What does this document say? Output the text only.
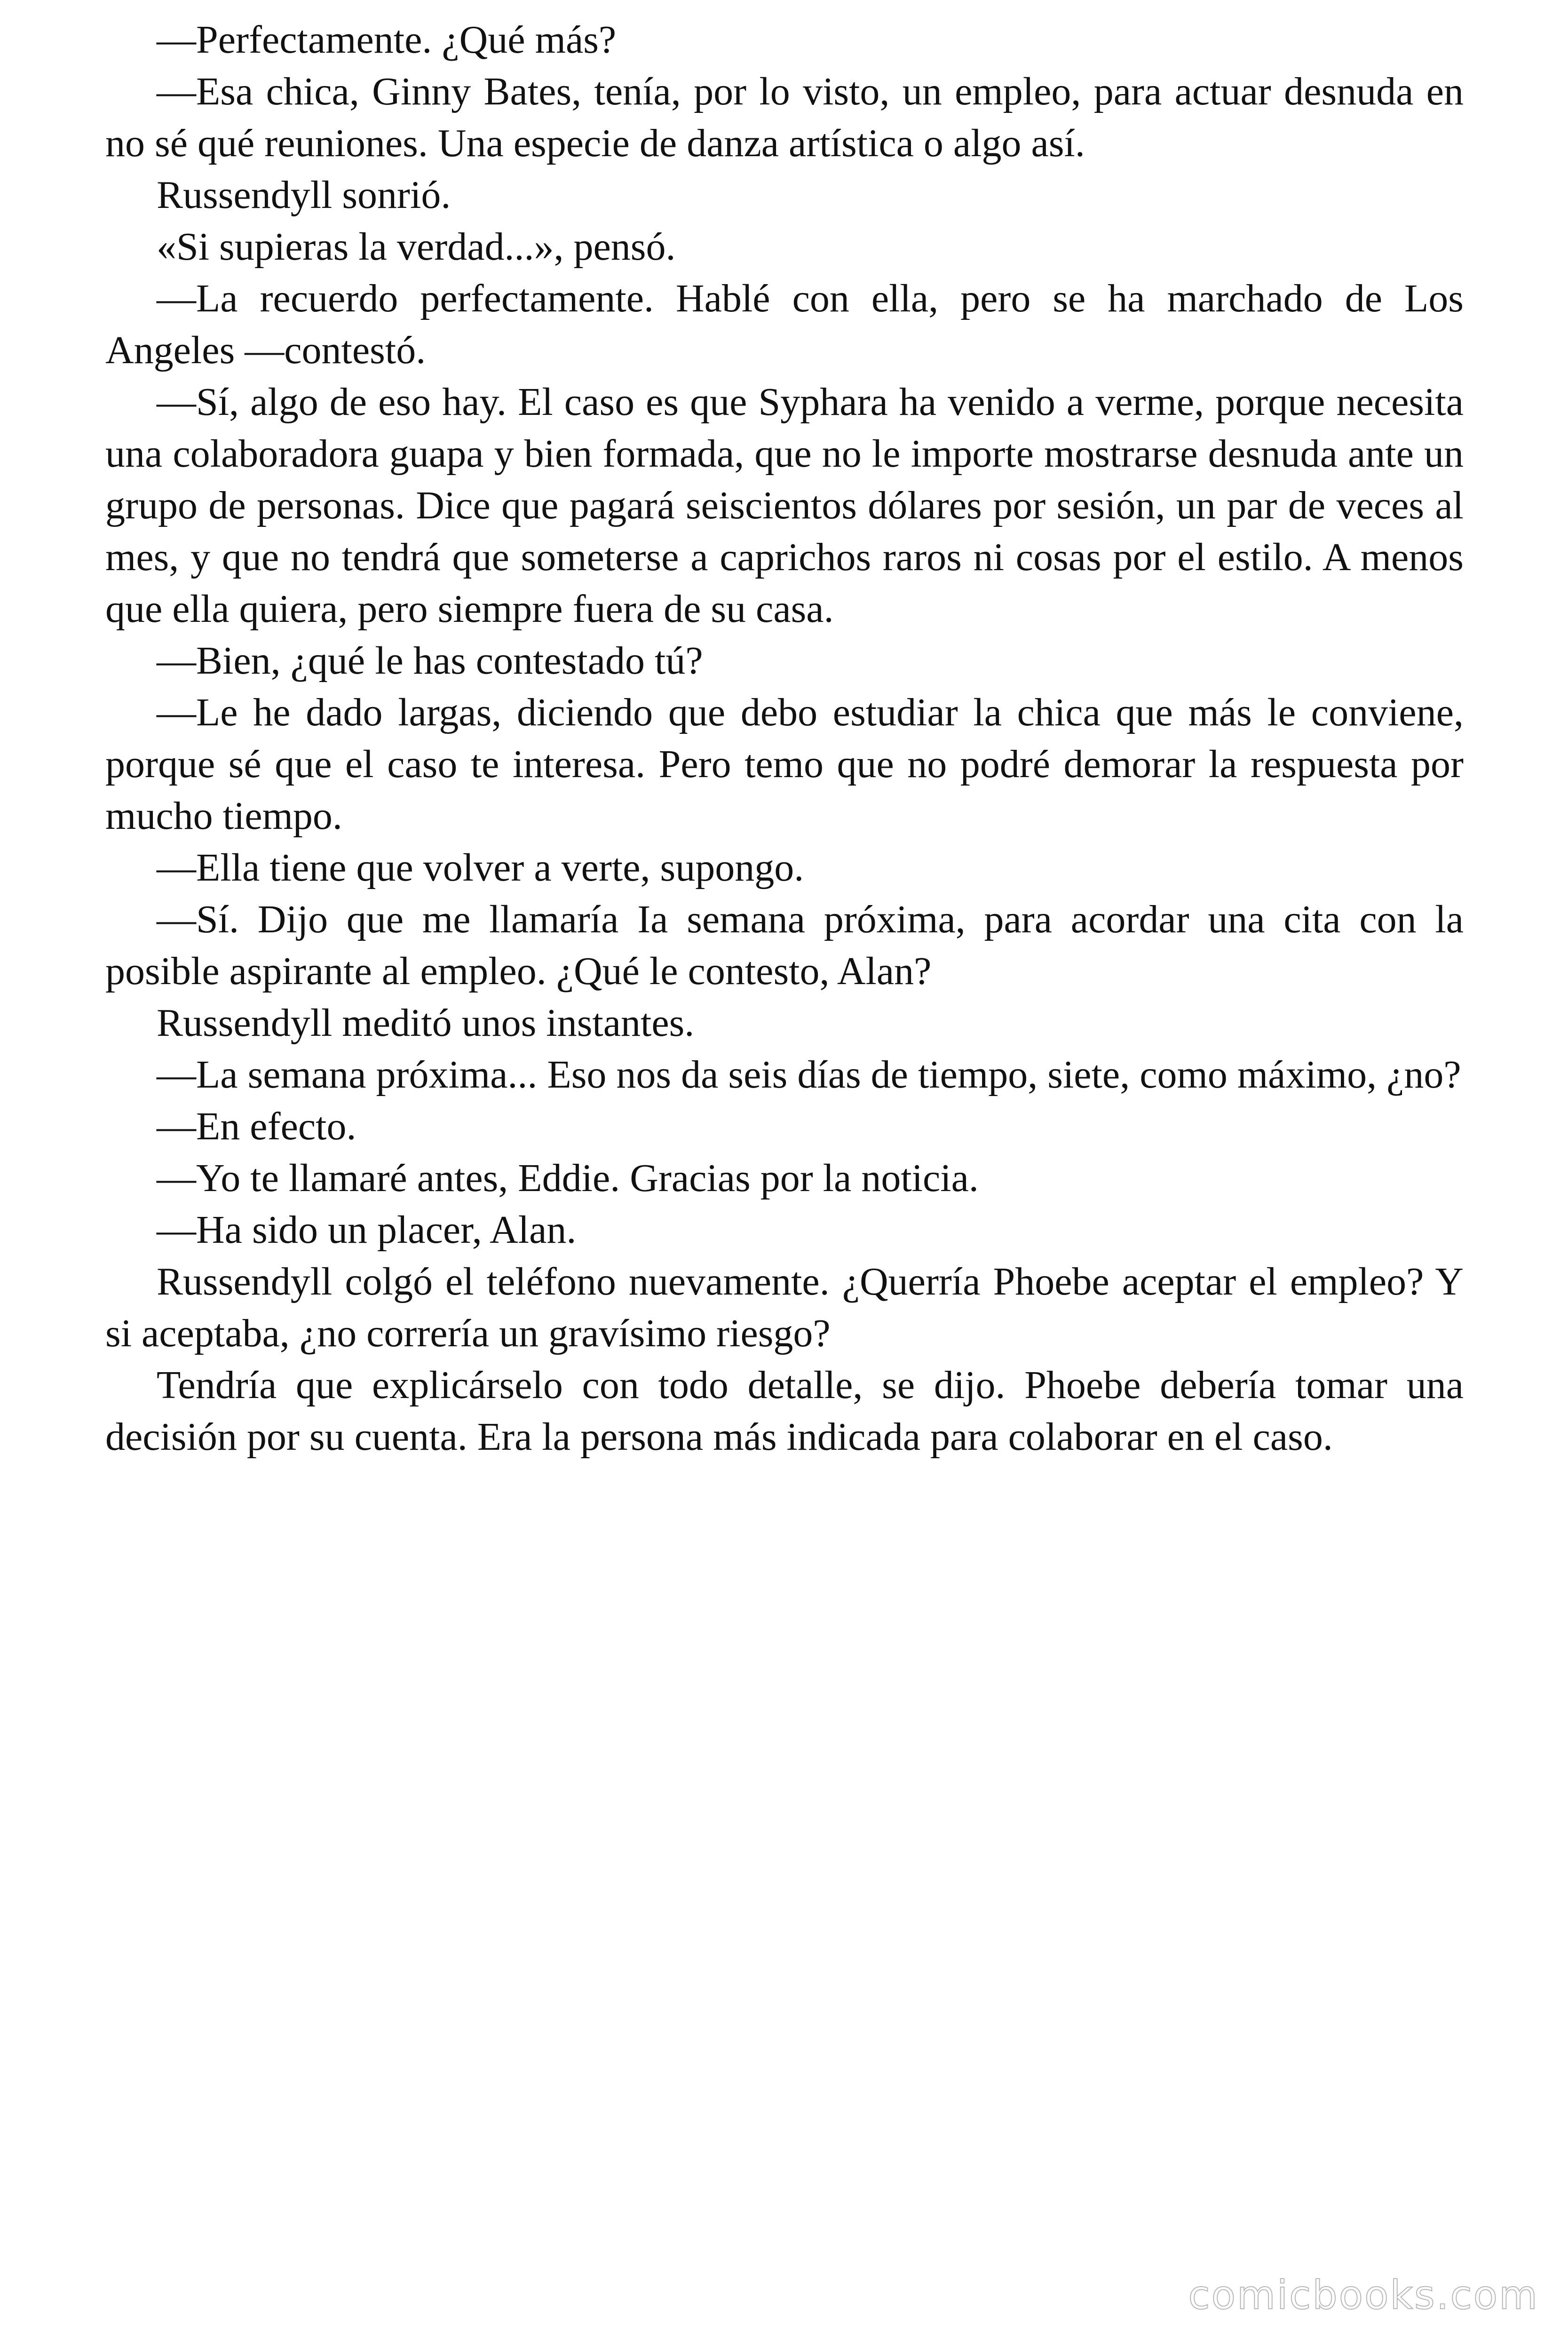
—Perfectamente. ¿Qué más?

—Esa chica, Ginny Bates, tenía, por lo visto, un empleo, para actuar desnuda en no sé qué reuniones. Una especie de danza artística o algo así.

Russendyll sonrió.

«Si supieras la verdad...», pensó.

—La recuerdo perfectamente. Hablé con ella, pero se ha marchado de Los Angeles —contestó.

—Sí, algo de eso hay. El caso es que Syphara ha venido a verme, porque necesita una colaboradora guapa y bien formada, que no le importe mostrarse desnuda ante un grupo de personas. Dice que pagará seiscientos dólares por sesión, un par de veces al mes, y que no tendrá que someterse a caprichos raros ni cosas por el estilo. A menos que ella quiera, pero siempre fuera de su casa.

—Bien, ¿qué le has contestado tú?

—Le he dado largas, diciendo que debo estudiar la chica que más le conviene, porque sé que el caso te interesa. Pero temo que no podré demorar la respuesta por mucho tiempo.

—Ella tiene que volver a verte, supongo.

—Sí. Dijo que me llamaría Ia semana próxima, para acordar una cita con la posible aspirante al empleo. ¿Qué le contesto, Alan?

Russendyll meditó unos instantes.

—La semana próxima... Eso nos da seis días de tiempo, siete, como máximo, ¿no?

—En efecto.

—Yo te llamaré antes, Eddie. Gracias por la noticia.

—Ha sido un placer, Alan.

Russendyll colgó el teléfono nuevamente. ¿Querría Phoebe aceptar el empleo? Y si aceptaba, ¿no correría un gravísimo riesgo?

Tendría que explicárselo con todo detalle, se dijo. Phoebe debería tomar una decisión por su cuenta. Era la persona más indicada para colaborar en el caso.

comicbooks.com
